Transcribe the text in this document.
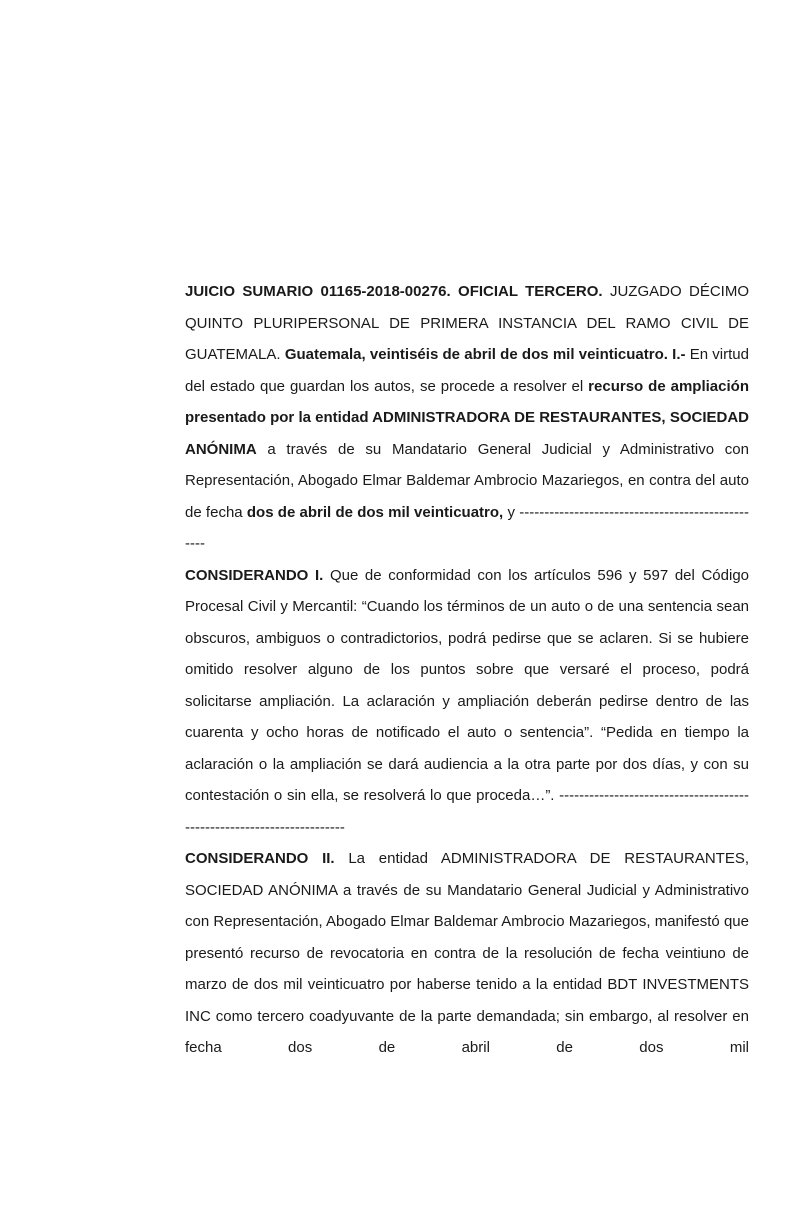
JUICIO SUMARIO 01165-2018-00276. OFICIAL TERCERO. JUZGADO DÉCIMO QUINTO PLURIPERSONAL DE PRIMERA INSTANCIA DEL RAMO CIVIL DE GUATEMALA. Guatemala, veintiséis de abril de dos mil veinticuatro. I.- En virtud del estado que guardan los autos, se procede a resolver el recurso de ampliación presentado por la entidad ADMINISTRADORA DE RESTAURANTES, SOCIEDAD ANÓNIMA a través de su Mandatario General Judicial y Administrativo con Representación, Abogado Elmar Baldemar Ambrocio Mazariegos, en contra del auto de fecha dos de abril de dos mil veinticuatro, y --------------------------------------------------

CONSIDERANDO I. Que de conformidad con los artículos 596 y 597 del Código Procesal Civil y Mercantil: “Cuando los términos de un auto o de una sentencia sean obscuros, ambiguos o contradictorios, podrá pedirse que se aclaren. Si se hubiere omitido resolver alguno de los puntos sobre que versaré el proceso, podrá solicitarse ampliación. La aclaración y ampliación deberán pedirse dentro de las cuarenta y ocho horas de notificado el auto o sentencia”. “Pedida en tiempo la aclaración o la ampliación se dará audiencia a la otra parte por dos días, y con su contestación o sin ella, se resolverá lo que proceda…”. ----------------------------------------------------------------------

CONSIDERANDO II. La entidad ADMINISTRADORA DE RESTAURANTES, SOCIEDAD ANÓNIMA a través de su Mandatario General Judicial y Administrativo con Representación, Abogado Elmar Baldemar Ambrocio Mazariegos, manifestó que presentó recurso de revocatoria en contra de la resolución de fecha veintiuno de marzo de dos mil veinticuatro por haberse tenido a la entidad BDT INVESTMENTS INC como tercero coadyuvante de la parte demandada; sin embargo, al resolver en fecha dos de abril de dos mil
